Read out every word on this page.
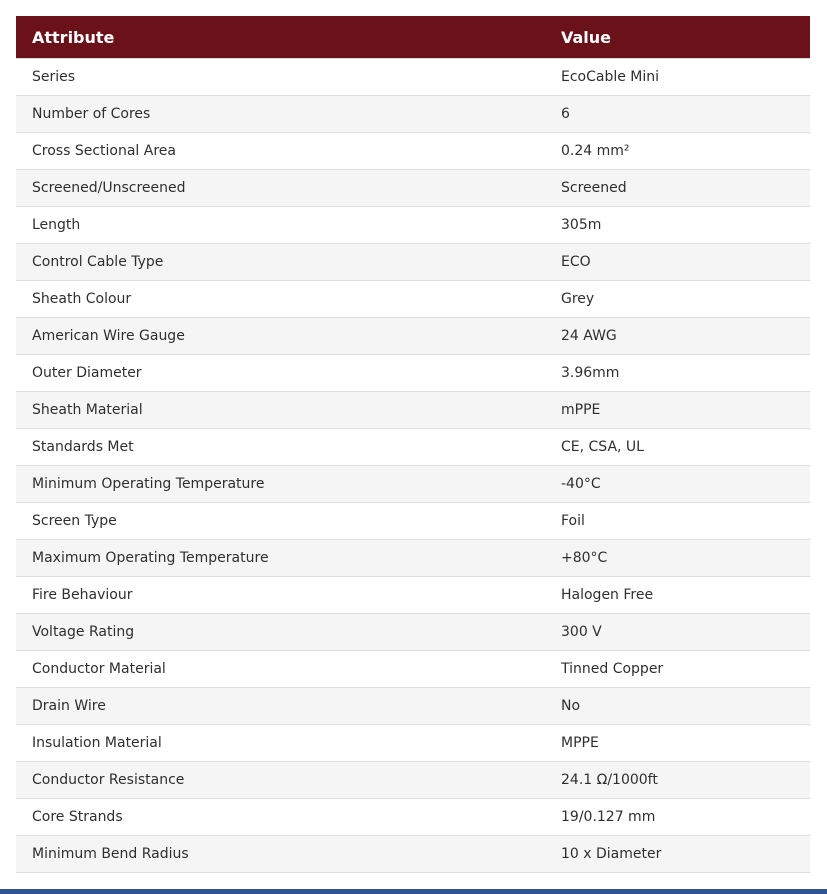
Attribute	Value
Series	EcoCable Mini
Number of Cores	6
Cross Sectional Area	0.24 mm²
Screened/Unscreened	Screened
Length	305m
Control Cable Type	ECO
Sheath Colour	Grey
American Wire Gauge	24 AWG
Outer Diameter	3.96mm
Sheath Material	mPPE
Standards Met	CE, CSA, UL
Minimum Operating Temperature	-40°C
Screen Type	Foil
Maximum Operating Temperature	+80°C
Fire Behaviour	Halogen Free
Voltage Rating	300 V
Conductor Material	Tinned Copper
Drain Wire	No
Insulation Material	MPPE
Conductor Resistance	24.1 Ω/1000ft
Core Strands	19/0.127 mm
Minimum Bend Radius	10 x Diameter
